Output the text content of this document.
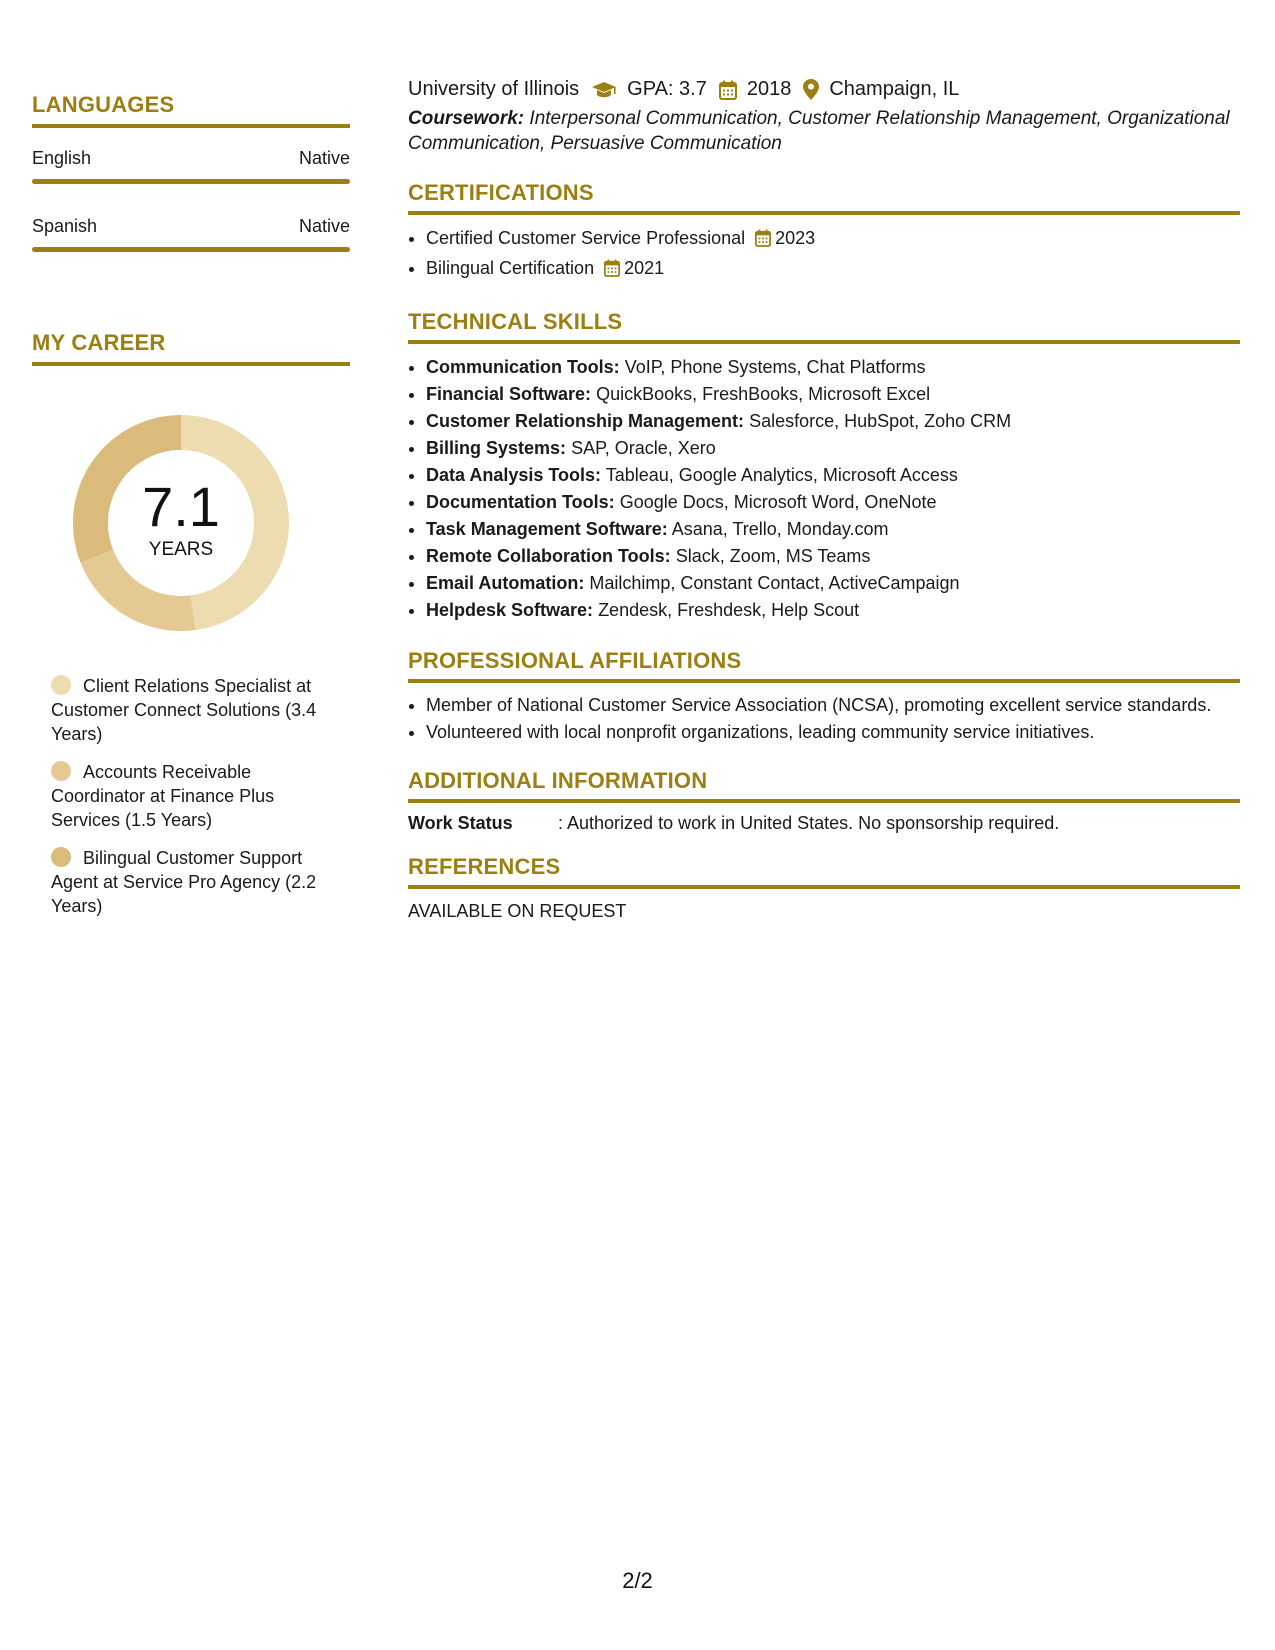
LANGUAGES
English	Native
Spanish	Native
MY CAREER
7.1
YEARS
Client Relations Specialist at Customer Connect Solutions (3.4 Years)
Accounts Receivable Coordinator at Finance Plus Services (1.5 Years)
Bilingual Customer Support Agent at Service Pro Agency (2.2 Years)
University of Illinois GPA: 3.7 2018 Champaign, IL
Coursework: Interpersonal Communication, Customer Relationship Management, Organizational Communication, Persuasive Communication
CERTIFICATIONS
• Certified Customer Service Professional 2023
• Bilingual Certification 2021
TECHNICAL SKILLS
• Communication Tools: VoIP, Phone Systems, Chat Platforms
• Financial Software: QuickBooks, FreshBooks, Microsoft Excel
• Customer Relationship Management: Salesforce, HubSpot, Zoho CRM
• Billing Systems: SAP, Oracle, Xero
• Data Analysis Tools: Tableau, Google Analytics, Microsoft Access
• Documentation Tools: Google Docs, Microsoft Word, OneNote
• Task Management Software: Asana, Trello, Monday.com
• Remote Collaboration Tools: Slack, Zoom, MS Teams
• Email Automation: Mailchimp, Constant Contact, ActiveCampaign
• Helpdesk Software: Zendesk, Freshdesk, Help Scout
PROFESSIONAL AFFILIATIONS
• Member of National Customer Service Association (NCSA), promoting excellent service standards.
• Volunteered with local nonprofit organizations, leading community service initiatives.
ADDITIONAL INFORMATION
Work Status	: Authorized to work in United States. No sponsorship required.
REFERENCES
AVAILABLE ON REQUEST
2/2
